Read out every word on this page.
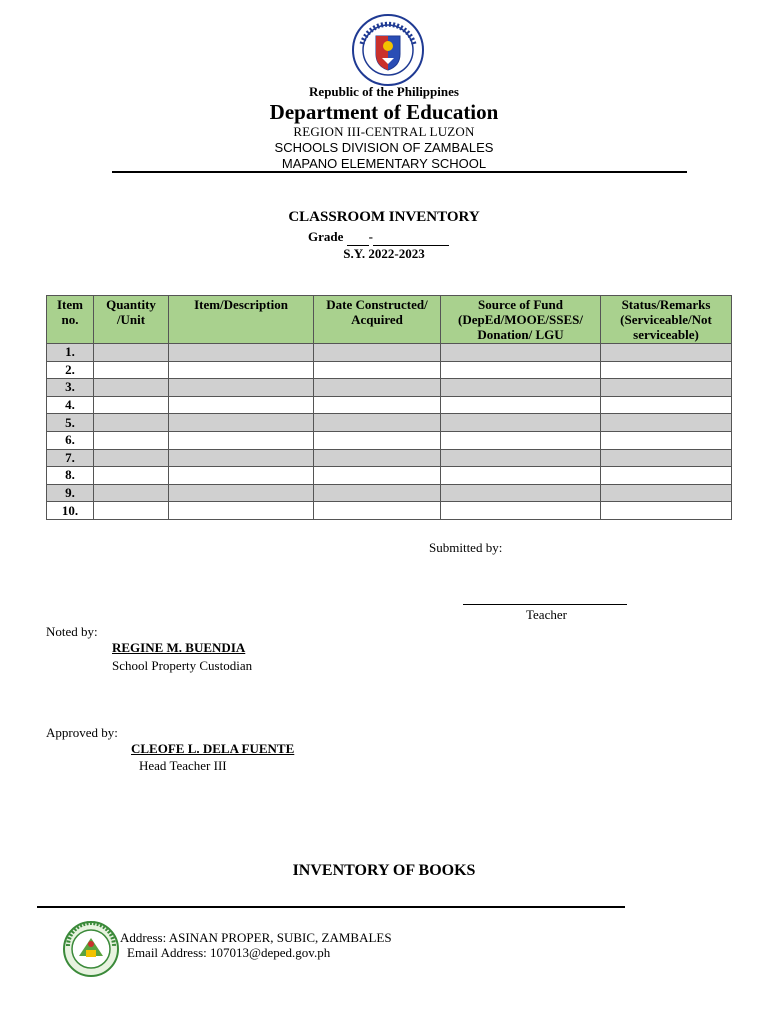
Republic of the Philippines
Department of Education
REGION III-CENTRAL LUZON
SCHOOLS DIVISION OF ZAMBALES
MAPANO ELEMENTARY SCHOOL
CLASSROOM INVENTORY
Grade -
S.Y. 2022-2023
Item no.	Quantity /Unit	Item/Description	Date Constructed/ Acquired	Source of Fund (DepEd/MOOE/SSES/ Donation/ LGU	Status/Remarks (Serviceable/Not serviceable)
1.					
2.					
3.					
4.					
5.					
6.					
7.					
8.					
9.					
10.					
Submitted by:
Teacher
Noted by:
REGINE M. BUENDIA
School Property Custodian
Approved by:
CLEOFE L. DELA FUENTE
Head Teacher III
INVENTORY OF BOOKS
Address: ASINAN PROPER, SUBIC, ZAMBALES
Email Address: 107013@deped.gov.ph
